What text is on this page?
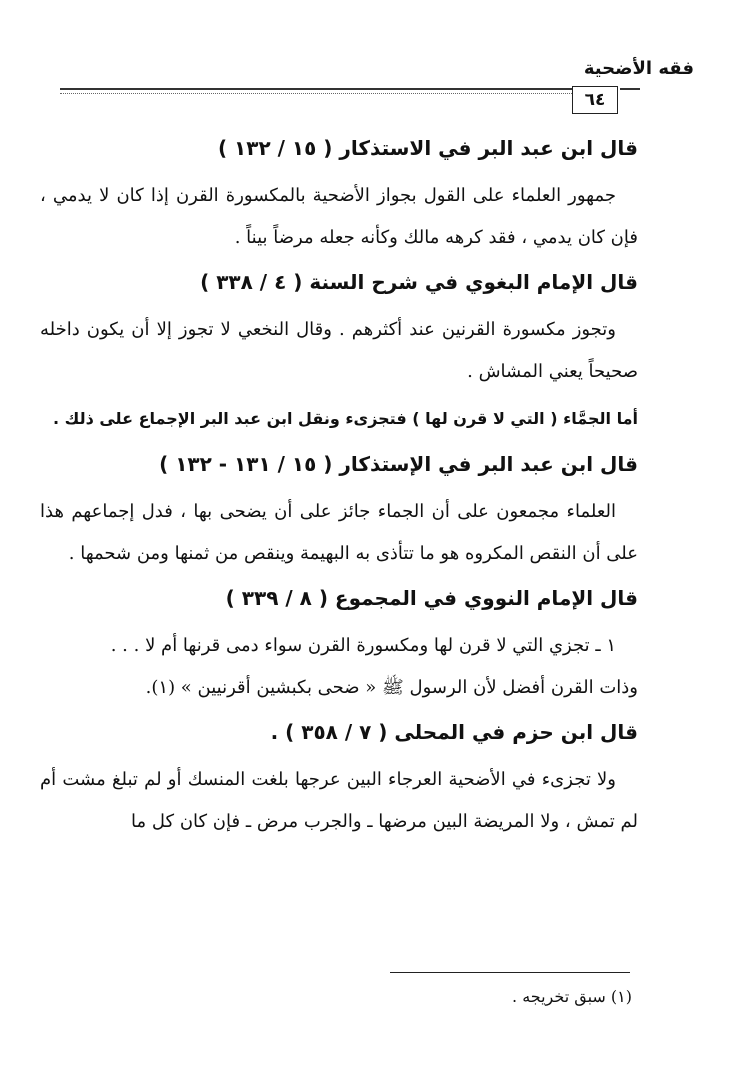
فقه الأضحية
٦٤
قال ابن عبد البر في الاستذكار ( ١٥ / ١٣٢ )

جمهور العلماء على القول بجواز الأضحية بالمكسورة القرن إذا كان لا يدمي ، فإن كان يدمي ، فقد كرهه مالك وكأنه جعله مرضاً بيناً .

قال الإمام البغوي في شرح السنة ( ٤ / ٣٣٨ )

وتجوز مكسورة القرنين عند أكثرهم . وقال النخعي لا تجوز إلا أن يكون داخله صحيحاً يعني المشاش .

أما الجمَّاء ( التي لا قرن لها ) فتجزىء ونقل ابن عبد البر الإجماع على ذلك .
قال ابن عبد البر في الإستذكار ( ١٥ / ١٣١ - ١٣٢ )

العلماء مجمعون على أن الجماء جائز على أن يضحى بها ، فدل إجماعهم هذا على أن النقص المكروه هو ما تتأذى به البهيمة وينقص من ثمنها ومن شحمها .

قال الإمام النووي في المجموع ( ٨ / ٣٣٩ )

١ ـ تجزي التي لا قرن لها ومكسورة القرن سواء دمى قرنها أم لا . . .

وذات القرن أفضل لأن الرسول ﷺ « ضحى بكبشين أقرنيين » (١).

قال ابن حزم في المحلى ( ٧ / ٣٥٨ ) .

ولا تجزىء في الأضحية العرجاء البين عرجها بلغت المنسك أو لم تبلغ مشت أم لم تمش ، ولا المريضة البين مرضها ـ والجرب مرض ـ فإن كان كل ما

(١) سبق تخريجه .
